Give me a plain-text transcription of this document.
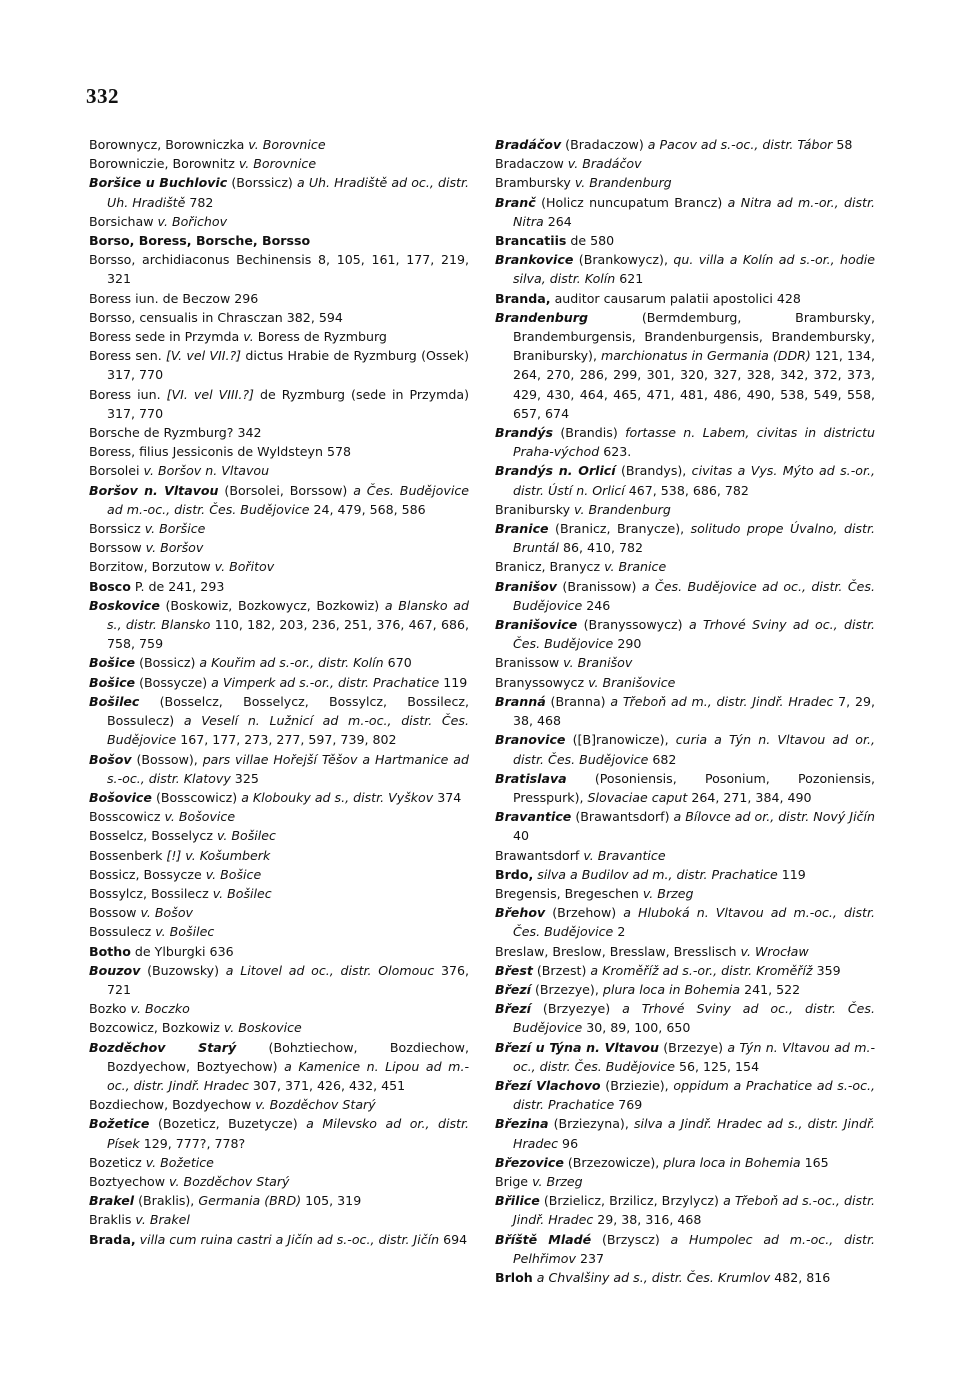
332

Borownycz, Borowniczka v. Borovnice

Borowniczie, Borownitz v. Borovnice

Boršice u Buchlovic (Borssicz) a Uh. Hradiště ad oc., distr. Uh. Hradiště 782

Borsichaw v. Bořichov

Borso, Boress, Borsche, Borsso

Borsso, archidiaconus Bechinensis 8, 105, 161, 177, 219, 321

Boress iun. de Beczow 296

Borsso, censualis in Chrasczan 382, 594

Boress sede in Przymda v. Boress de Ryzmburg

Boress sen. [V. vel VII.?] dictus Hrabie de Ryzmburg (Ossek) 317, 770

Boress iun. [VI. vel VIII.?] de Ryzmburg (sede in Przymda) 317, 770

Borsche de Ryzmburg? 342

Boress, filius Jessiconis de Wyldsteyn 578

Borsolei v. Boršov n. Vltavou

Boršov n. Vltavou (Borsolei, Borssow) a Čes. Budějovice ad m.-oc., distr. Čes. Budějovice 24, 479, 568, 586

Borssicz v. Boršice

Borssow v. Boršov

Borzitow, Borzutow v. Bořitov

Bosco P. de 241, 293

Boskovice (Boskowiz, Bozkowycz, Bozkowiz) a Blansko ad s., distr. Blansko 110, 182, 203, 236, 251, 376, 467, 686, 758, 759

Bošice (Bossicz) a Kouřim ad s.-or., distr. Kolín 670

Bošice (Bossycze) a Vimperk ad s.-or., distr. Prachatice 119

Bošilec (Bosselcz, Bosselycz, Bossylcz, Bossilecz, Bossulecz) a Veselí n. Lužnicí ad m.-oc., distr. Čes. Budějovice 167, 177, 273, 277, 597, 739, 802

Bošov (Bossow), pars villae Hořejší Těšov a Hartmanice ad s.-oc., distr. Klatovy 325

Bošovice (Bosscowicz) a Klobouky ad s., distr. Vyškov 374

Bosscowicz v. Bošovice

Bosselcz, Bosselycz v. Bošilec

Bossenberk [!] v. Košumberk

Bossicz, Bossycze v. Bošice

Bossylcz, Bossilecz v. Bošilec

Bossow v. Bošov

Bossulecz v. Bošilec

Botho de Ylburgki 636

Bouzov (Buzowsky) a Litovel ad oc., distr. Olomouc 376, 721

Bozko v. Boczko

Bozcowicz, Bozkowiz v. Boskovice

Bozděchov Starý (Bohztiechow, Bozdiechow, Bozdyechow, Boztyechow) a Kamenice n. Lipou ad m.-oc., distr. Jindř. Hradec 307, 371, 426, 432, 451

Bozdiechow, Bozdyechow v. Bozděchov Starý

Božetice (Bozeticz, Buzetycze) a Milevsko ad or., distr. Písek 129, 777?, 778?

Bozeticz v. Božetice

Boztyechow v. Bozděchov Starý

Brakel (Braklis), Germania (BRD) 105, 319

Braklis v. Brakel

Brada, villa cum ruina castri a Jičín ad s.-oc., distr. Jičín 694

Bradáčov (Bradaczow) a Pacov ad s.-oc., distr. Tábor 58

Bradaczow v. Bradáčov

Brambursky v. Brandenburg

Branč (Holicz nuncupatum Brancz) a Nitra ad m.-or., distr. Nitra 264

Brancatiis de 580

Brankovice (Brankowycz), qu. villa a Kolín ad s.-or., hodie silva, distr. Kolín 621

Branda, auditor causarum palatii apostolici 428

Brandenburg (Bermdemburg, Brambursky, Brandemburgensis, Brandenburgensis, Brandembursky, Branibursky), marchionatus in Germania (DDR) 121, 134, 264, 270, 286, 299, 301, 320, 327, 328, 342, 372, 373, 429, 430, 464, 465, 471, 481, 486, 490, 538, 549, 558, 657, 674

Brandýs (Brandis) fortasse n. Labem, civitas in districtu Praha-východ 623.

Brandýs n. Orlicí (Brandys), civitas a Vys. Mýto ad s.-or., distr. Ústí n. Orlicí 467, 538, 686, 782

Branibursky v. Brandenburg

Branice (Branicz, Branycze), solitudo prope Úvalno, distr. Bruntál 86, 410, 782

Branicz, Branycz v. Branice

Branišov (Branissow) a Čes. Budějovice ad oc., distr. Čes. Budějovice 246

Branišovice (Branyssowycz) a Trhové Sviny ad oc., distr. Čes. Budějovice 290

Branissow v. Branišov

Branyssowycz v. Branišovice

Branná (Branna) a Třeboň ad m., distr. Jindř. Hradec 7, 29, 38, 468

Branovice ([B]ranowicze), curia a Týn n. Vltavou ad or., distr. Čes. Budějovice 682

Bratislava (Posoniensis, Posonium, Pozoniensis, Presspurk), Slovaciae caput 264, 271, 384, 490

Bravantice (Brawantsdorf) a Bílovce ad or., distr. Nový Jičín 40

Brawantsdorf v. Bravantice

Brdo, silva a Budilov ad m., distr. Prachatice 119

Bregensis, Bregeschen v. Brzeg

Břehov (Brzehow) a Hluboká n. Vltavou ad m.-oc., distr. Čes. Budějovice 2

Breslaw, Breslow, Bresslaw, Bresslisch v. Wrocław

Břest (Brzest) a Kroměříž ad s.-or., distr. Kroměříž 359

Březí (Brzezye), plura loca in Bohemia 241, 522

Březí (Brzyezye) a Trhové Sviny ad oc., distr. Čes. Budějovice 30, 89, 100, 650

Březí u Týna n. Vltavou (Brzezye) a Týn n. Vltavou ad m.-oc., distr. Čes. Budějovice 56, 125, 154

Březí Vlachovo (Brziezie), oppidum a Prachatice ad s.-oc., distr. Prachatice 769

Březina (Brziezyna), silva a Jindř. Hradec ad s., distr. Jindř. Hradec 96

Březovice (Brzezowicze), plura loca in Bohemia 165

Brige v. Brzeg

Břilice (Brzielicz, Brzilicz, Brzylycz) a Třeboň ad s.-oc., distr. Jindř. Hradec 29, 38, 316, 468

Bříště Mladé (Brzyscz) a Humpolec ad m.-oc., distr. Pelhřimov 237

Brloh a Chvalšiny ad s., distr. Čes. Krumlov 482, 816
